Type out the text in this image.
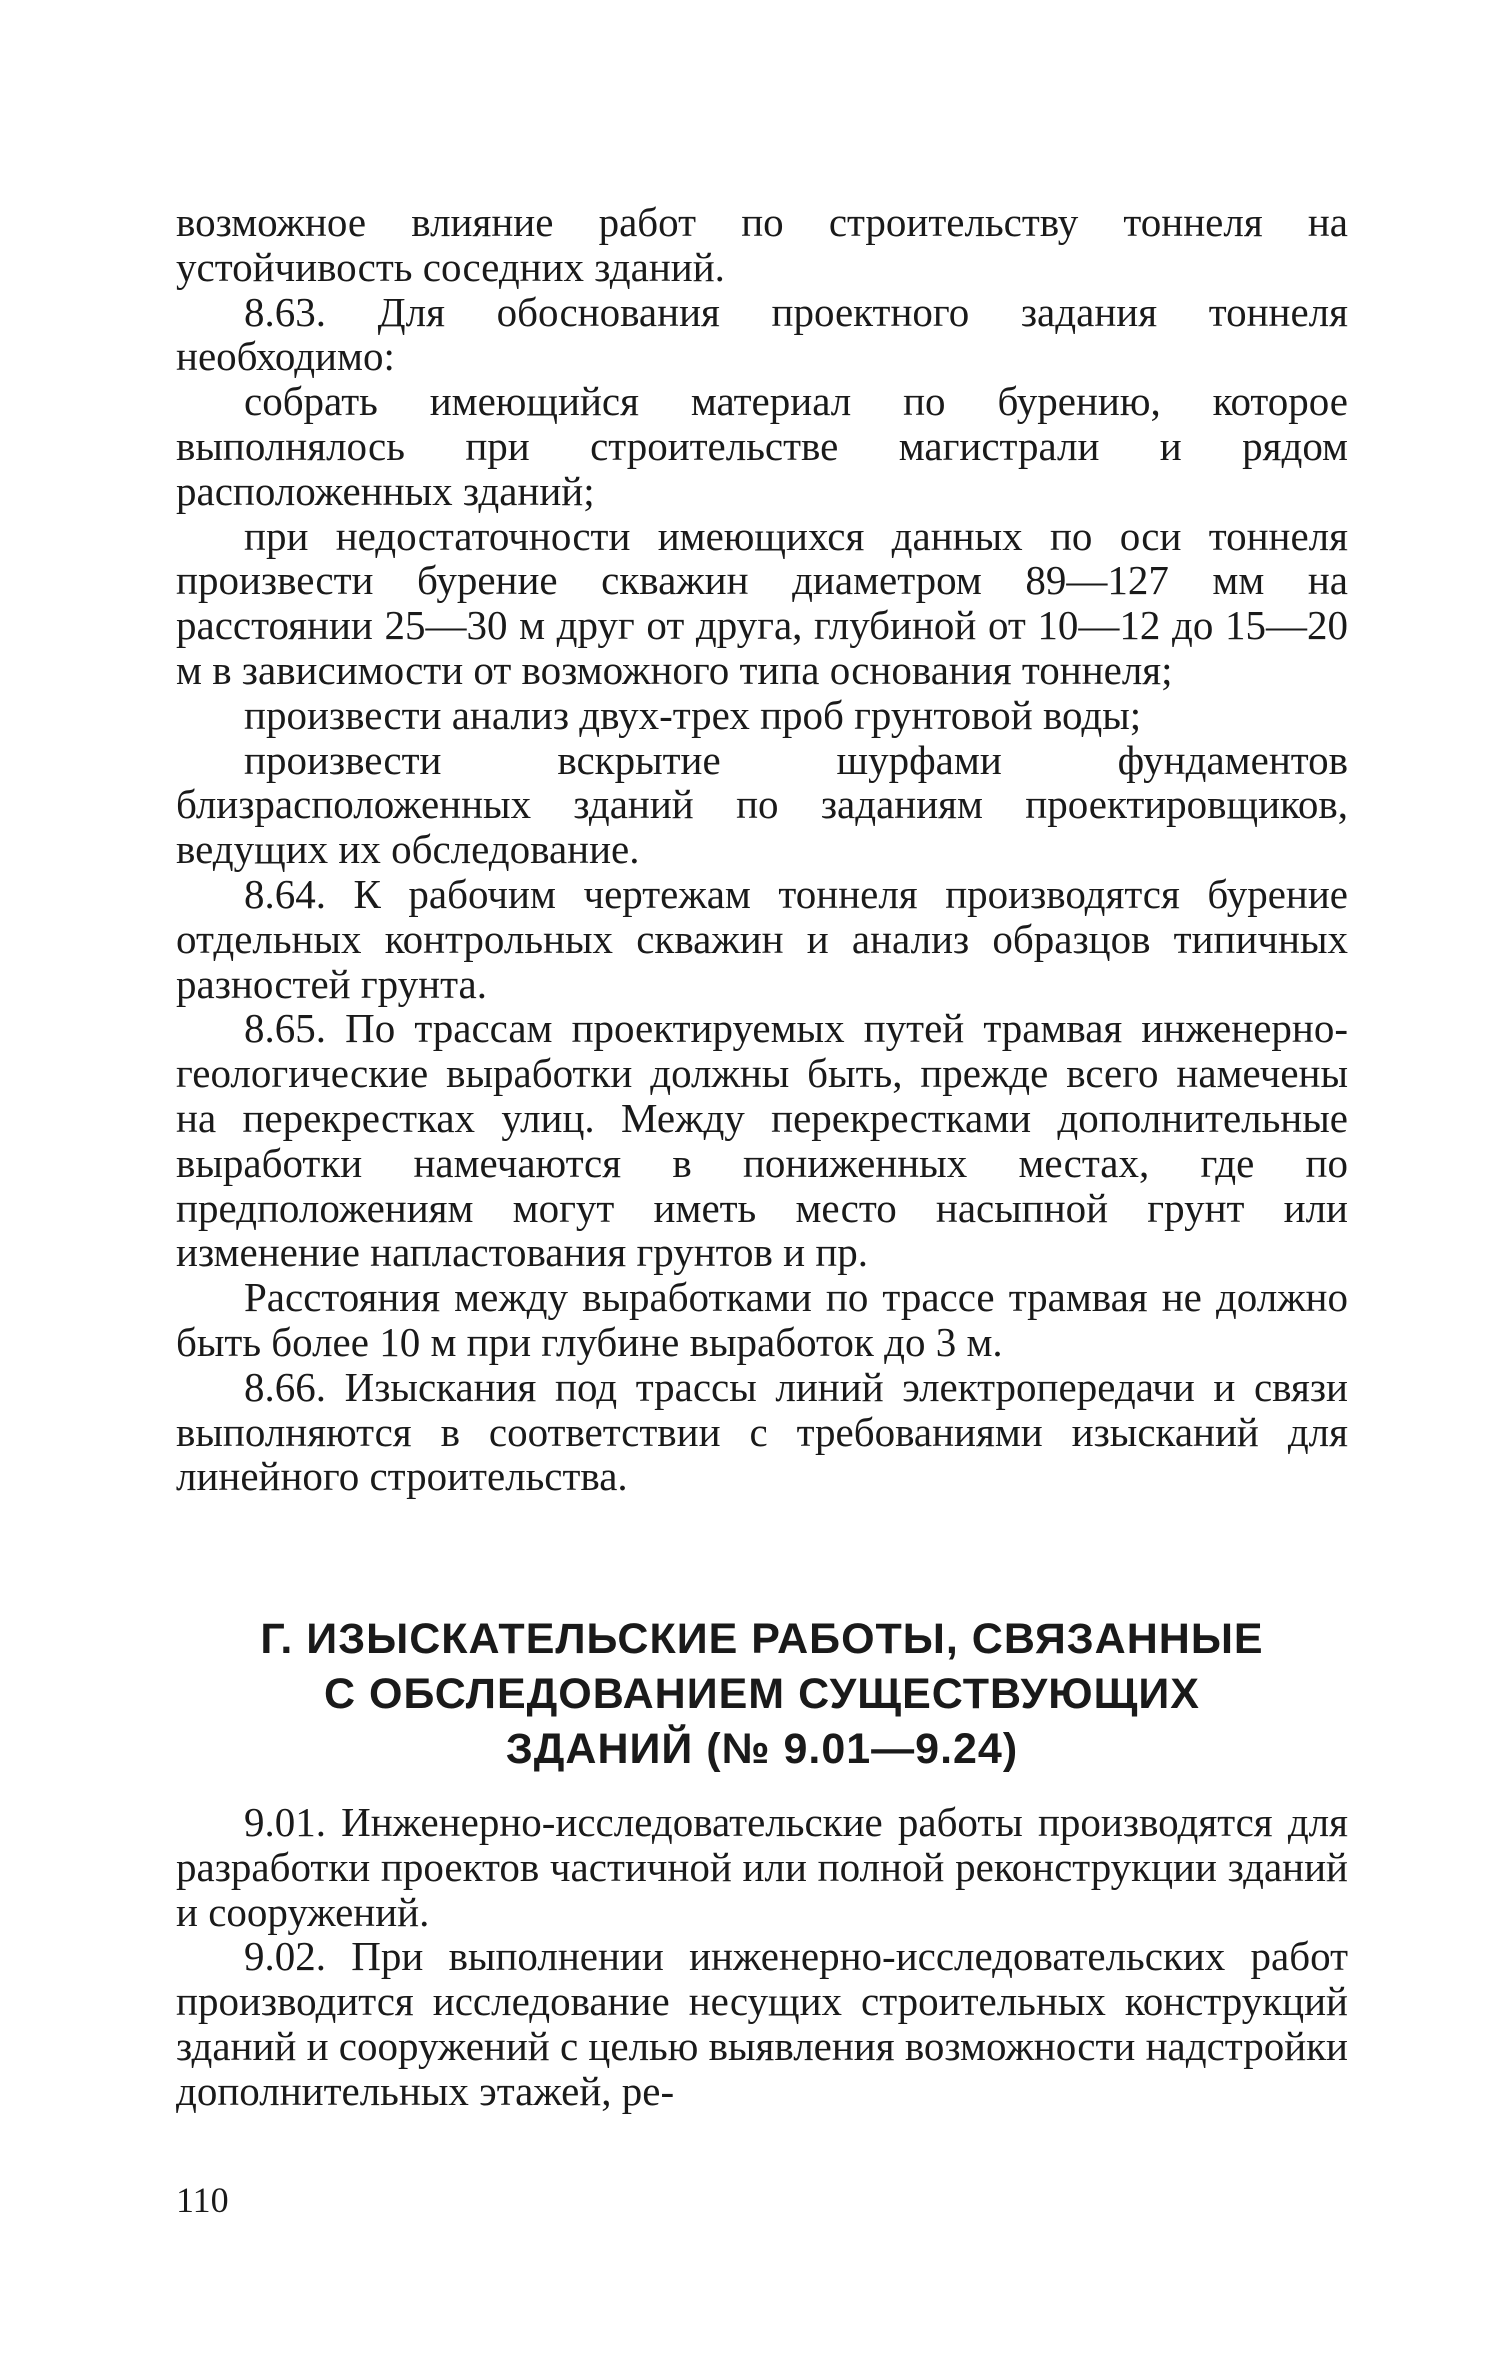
возможное влияние работ по строительству тоннеля на устойчивость соседних зданий.

8.63. Для обоснования проектного задания тоннеля необходимо:

собрать имеющийся материал по бурению, которое выполнялось при строительстве магистрали и рядом расположенных зданий;

при недостаточности имеющихся данных по оси тоннеля произвести бурение скважин диаметром 89—127 мм на расстоянии 25—30 м друг от друга, глубиной от 10—12 до 15—20 м в зависимости от возможного типа основания тоннеля;

произвести анализ двух-трех проб грунтовой воды;

произвести вскрытие шурфами фундаментов близрасположенных зданий по заданиям проектировщиков, ведущих их обследование.

8.64. К рабочим чертежам тоннеля производятся бурение отдельных контрольных скважин и анализ образцов типичных разностей грунта.

8.65. По трассам проектируемых путей трамвая инженерно-геологические выработки должны быть, прежде всего намечены на перекрестках улиц. Между перекрестками дополнительные выработки намечаются в пониженных местах, где по предположениям могут иметь место насыпной грунт или изменение напластования грунтов и пр.

Расстояния между выработками по трассе трамвая не должно быть более 10 м при глубине выработок до 3 м.

8.66. Изыскания под трассы линий электропередачи и связи выполняются в соответствии с требованиями изысканий для линейного строительства.

Г. ИЗЫСКАТЕЛЬСКИЕ РАБОТЫ, СВЯЗАННЫЕ
С ОБСЛЕДОВАНИЕМ СУЩЕСТВУЮЩИХ
ЗДАНИЙ (№ 9.01—9.24)

9.01. Инженерно-исследовательские работы производятся для разработки проектов частичной или полной реконструкции зданий и сооружений.

9.02. При выполнении инженерно-исследовательских работ производится исследование несущих строительных конструкций зданий и сооружений с целью выявления возможности надстройки дополнительных этажей, ре-

110
